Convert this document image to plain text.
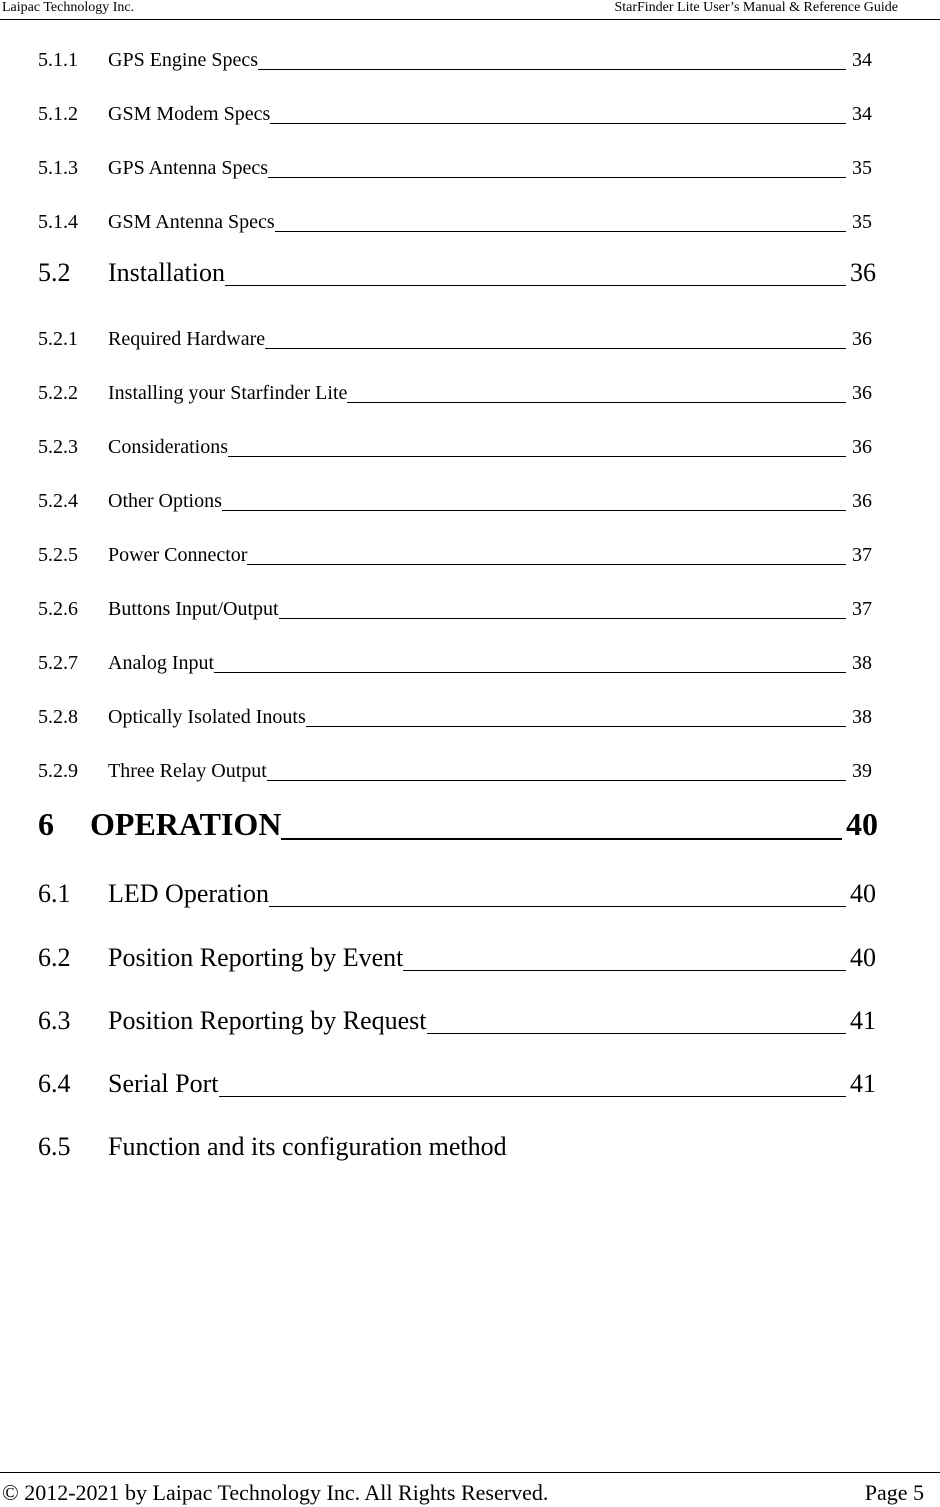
Laipac Technology Inc.	StarFinder Lite User’s Manual & Reference Guide
5.1.1 GPS Engine Specs	34
5.1.2 GSM Modem Specs	34
5.1.3 GPS Antenna Specs	35
5.1.4 GSM Antenna Specs	35
5.2 Installation	36
5.2.1 Required Hardware	36
5.2.2 Installing your Starfinder Lite	36
5.2.3 Considerations	36
5.2.4 Other Options	36
5.2.5 Power Connector	37
5.2.6 Buttons Input/Output	37
5.2.7 Analog Input	38
5.2.8 Optically Isolated Inouts	38
5.2.9 Three Relay Output	39
6 OPERATION	40
6.1 LED Operation	40
6.2 Position Reporting by Event	40
6.3 Position Reporting by Request	41
6.4 Serial Port	41
6.5 Function and its configuration method
© 2012-2021 by Laipac Technology Inc. All Rights Reserved.	Page 5
